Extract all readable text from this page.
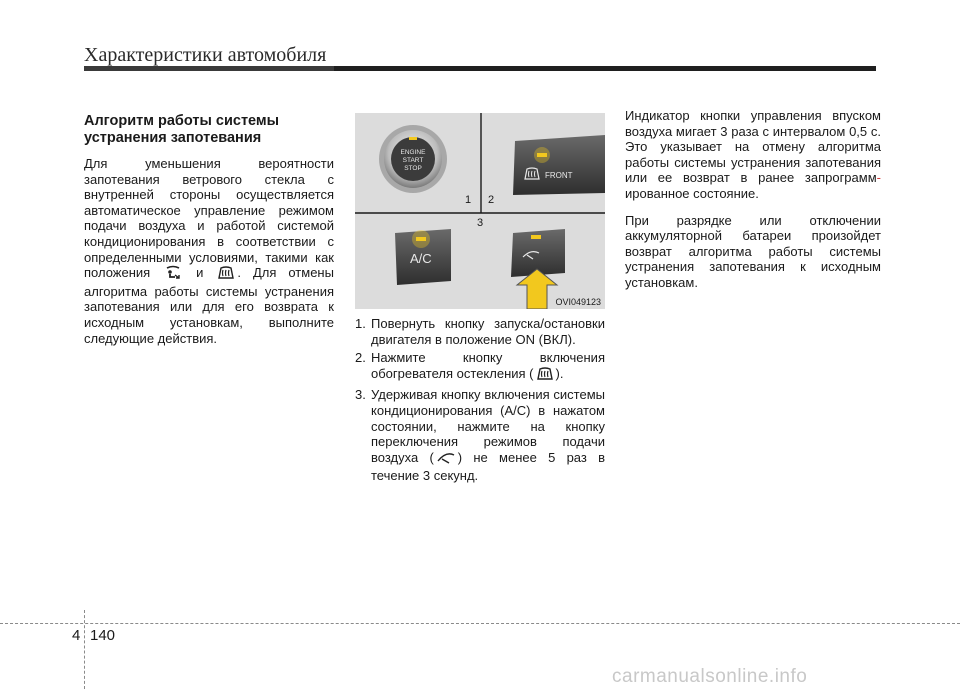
Характеристики автомобиля
Алгоритм работы системы устранения запотевания
Для уменьшения вероятности запотевания ветрового стекла с внутренней стороны осуществляется автоматическое управление режимом подачи воздуха и работой системой кондиционирования в соответствии с определенными условиями, такими как положения	и	. Для отмены алгоритма работы системы устранения запотевания или для его возврата к исходным установкам, выполните следующие действия.
ENGINE
START
STOP
FRONT
1 2
3
A/C
OVI049123
1. Повернуть кнопку запуска/остановки двигателя в положение ON (ВКЛ).
2. Нажмите кнопку включения обогревателя остекления ( ).
3. Удерживая кнопку включения системы кондиционирования (A/C) в нажатом состоянии, нажмите на кнопку переключения режимов подачи воздуха ( ) не менее 5 раз в течение 3 секунд.
Индикатор кнопки управления впуском воздуха мигает 3 раза с интервалом 0,5 с. Это указывает на отмену алгоритма работы системы устранения запотевания или ее возврат в ранее запрограмм-ированное состояние.
При разрядке или отключении аккумуляторной батареи произойдет возврат алгоритма работы системы устранения запотевания к исходным установкам.
4 140
carmanualsonline.info
